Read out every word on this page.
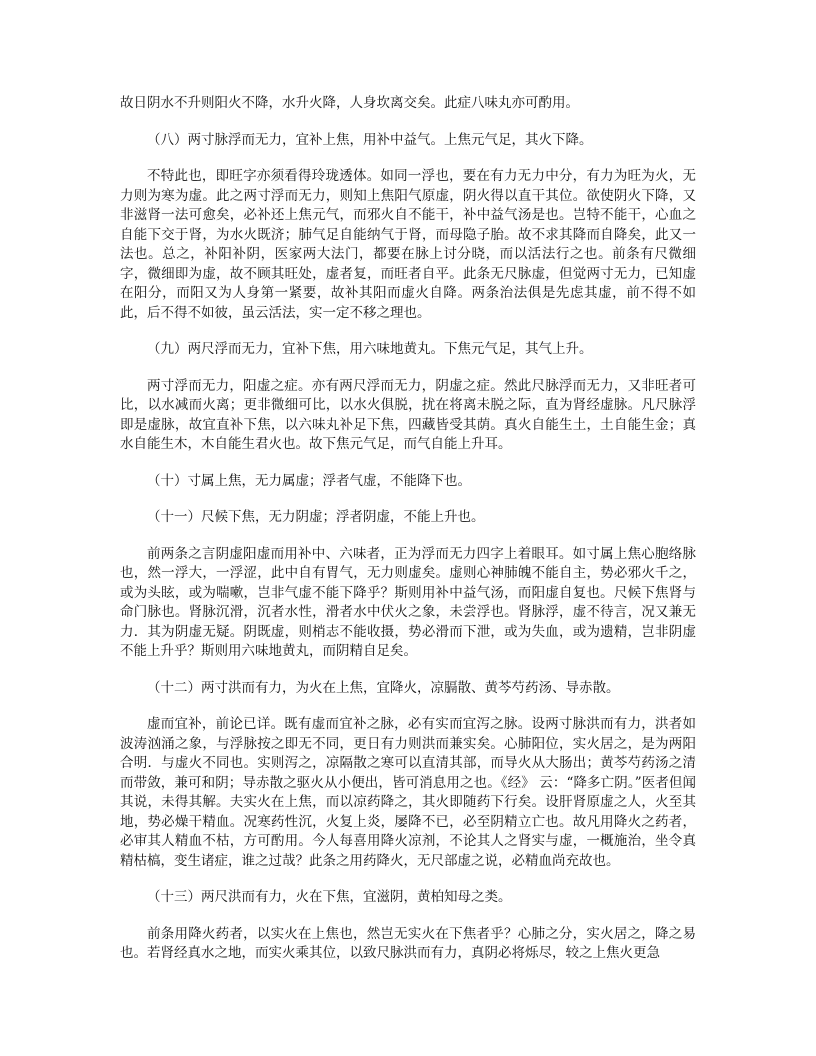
故日阴水不升则阳火不降，水升火降，人身坎离交矣。此症八味丸亦可酌用。

（八）两寸脉浮而无力，宜补上焦，用补中益气。上焦元气足，其火下降。

不特此也，即旺字亦须看得玲珑透体。如同一浮也，要在有力无力中分，有力为旺为火，无力则为寒为虚。此之两寸浮而无力，则知上焦阳气原虚，阴火得以直干其位。欲使阴火下降，又非滋肾一法可愈矣，必补还上焦元气，而邪火自不能干，补中益气汤是也。岂特不能干，心血之自能下交于肾，为水火既济；肺气足自能纳气于肾，而母隐子胎。故不求其降而自降矣，此又一法也。总之，补阳补阴，医家两大法门，都要在脉上讨分晓，而以活法行之也。前条有尺微细字，微细即为虚，故不顾其旺处，虚者复，而旺者自平。此条无尺脉虚，但觉两寸无力，已知虚在阳分，而阳又为人身第一紧要，故补其阳而虚火自降。两条治法俱是先虑其虚，前不得不如此，后不得不如彼，虽云活法，实一定不移之理也。

（九）两尺浮而无力，宜补下焦，用六味地黄丸。下焦元气足，其气上升。

两寸浮而无力，阳虚之症。亦有两尺浮而无力，阴虚之症。然此尺脉浮而无力，又非旺者可比，以水减而火离；更非微细可比，以水火俱脱，扰在将离未脱之际，直为肾经虚脉。凡尺脉浮即是虚脉，故宜直补下焦，以六味丸补足下焦，四藏皆受其荫。真火自能生土，土自能生金；真水自能生木，木自能生君火也。故下焦元气足，而气自能上升耳。

（十）寸属上焦，无力属虚；浮者气虚，不能降下也。

（十一）尺候下焦，无力阴虚；浮者阴虚，不能上升也。

前两条之言阴虚阳虚而用补中、六味者，正为浮而无力四字上着眼耳。如寸属上焦心胞络脉也，然一浮大，一浮涩，此中自有胃气，无力则虚矣。虚则心神肺魄不能自主，势必邪火千之，或为头眩，或为喘嗽，岂非气虚不能下降乎？斯则用补中益气汤，而阳虚自复也。尺候下焦肾与命门脉也。肾脉沉滑，沉者水性，滑者水中伏火之象，未尝浮也。肾脉浮，虚不待言，况又兼无力．其为阴虚无疑。阴既虚，则梢志不能收摄，势必滑而下泄，或为失血，或为遗精，岂非阴虚不能上升乎？斯则用六味地黄丸，而阴精自足矣。

（十二）两寸洪而有力，为火在上焦，宜降火，凉膈散、黄芩芍药汤、导赤散。

虚而宜补，前论已详。既有虚而宜补之脉，必有实而宜泻之脉。设两寸脉洪而有力，洪者如波涛汹涌之象，与浮脉按之即无不同，更日有力则洪而兼实矣。心肺阳位，实火居之，是为两阳合明．与虚火不同也。实则泻之，凉隔散之寒可以直清其部，而导火从大肠出；黄芩芍药汤之清而带敛，兼可和阴；导赤散之驱火从小便出，皆可消息用之也。《经》 云：“降多亡阴。”医者但闻其说，未得其解。夫实火在上焦，而以凉药降之，其火即随药下行矣。设肝肾原虚之人，火至其地，势必燥干精血。况寒药性沉，火复上炎，屡降不已，必至阴精立亡也。故凡用降火之药者，必审其人精血不枯，方可酌用。今人每喜用降火凉剂，不论其人之肾实与虚，一概施治，坐令真精枯槁，变生诸症，谁之过哉？此条之用药降火，无尺部虚之说，必精血尚充故也。

（十三）两尺洪而有力，火在下焦，宜滋阴，黄柏知母之类。

前条用降火药者，以实火在上焦也，然岂无实火在下焦者乎？心肺之分，实火居之，降之易也。若肾经真水之地，而实火乘其位，以致尺脉洪而有力，真阴必将烁尽，较之上焦火更急
